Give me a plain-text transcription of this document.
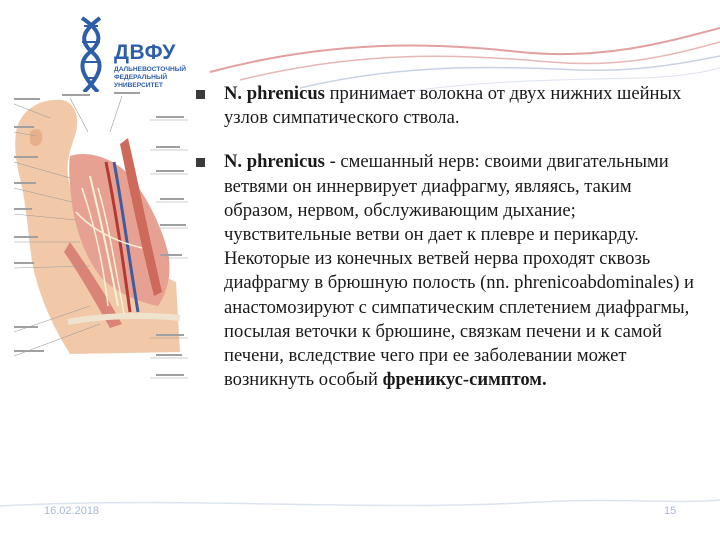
ДВФУ
ДАЛЬНЕВОСТОЧНЫЙ
ФЕДЕРАЛЬНЫЙ
УНИВЕРСИТЕТ	N. phrenicus принимает волокна от двух нижних шейных узлов симпатического ствола.
N. phrenicus - смешанный нерв: своими двигательными ветвями он иннервирует диафрагму, являясь, таким образом, нервом, обслуживающим дыхание; чувствительные ветви он дает к плевре и перикарду. Некоторые из конечных ветвей нерва проходят сквозь диафрагму в брюшную полость (nn. phrenicoabdominales) и анастомозируют с симпатическим сплетением диафрагмы, посылая веточки к брюшине, связкам печени и к самой печени, вследствие чего при ее заболевании может возникнуть особый френикус-симптом.
16.02.2018	15
